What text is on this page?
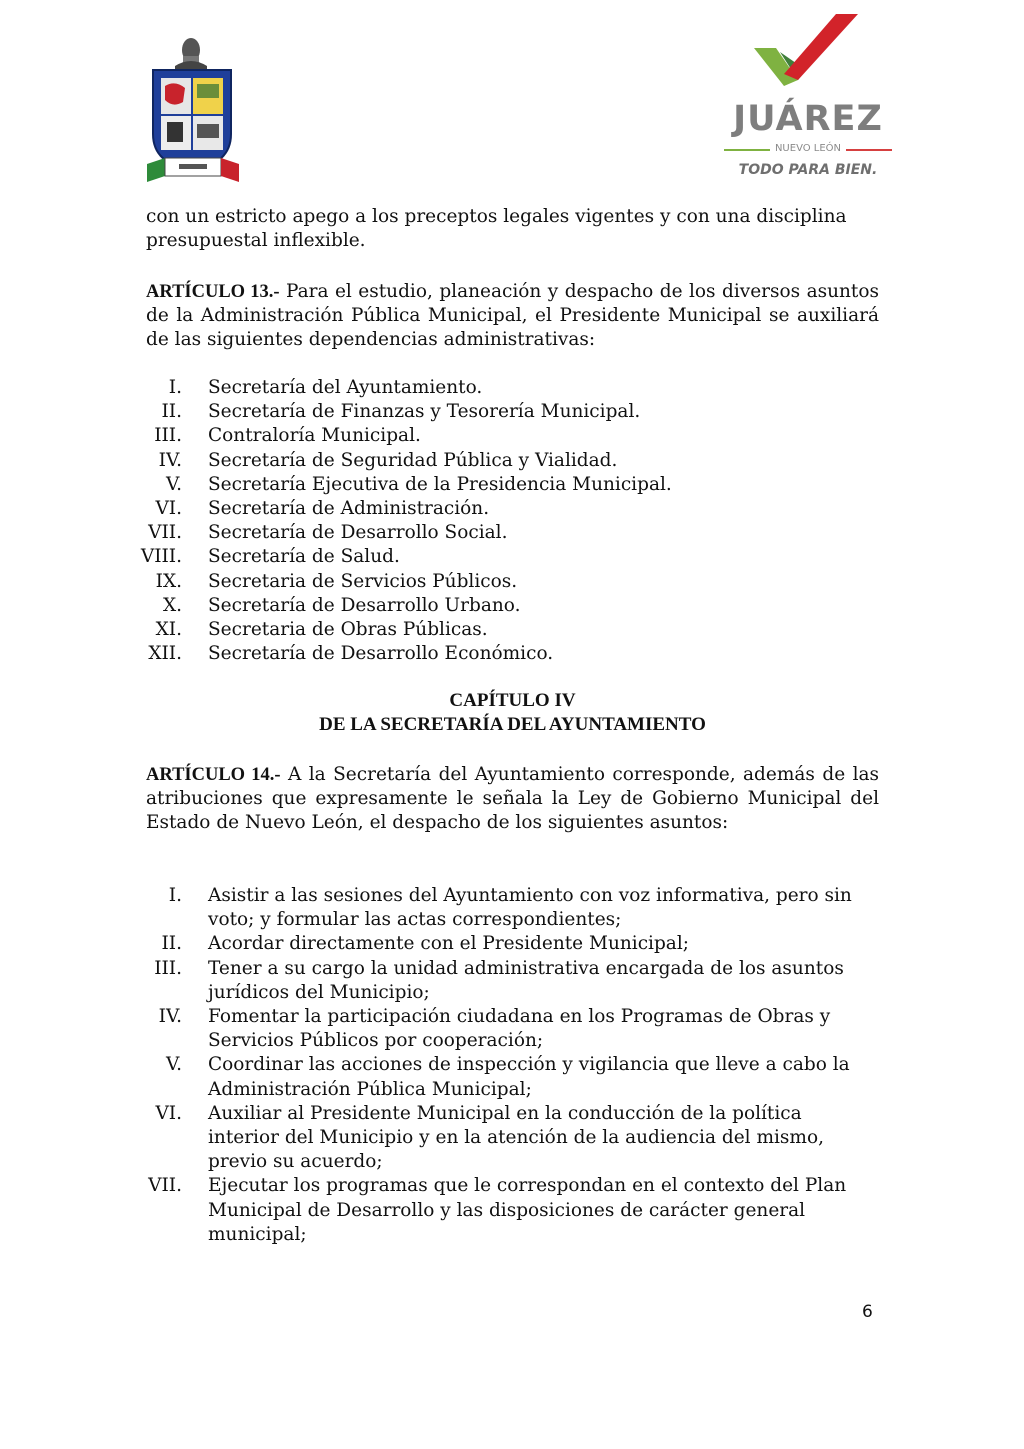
JUÁREZ
NUEVO LEÓN
TODO PARA BIEN.
con un estricto apego a los preceptos legales vigentes y con una disciplina presupuestal inflexible.
ARTÍCULO 13.- Para el estudio, planeación y despacho de los diversos asuntos de la Administración Pública Municipal, el Presidente Municipal se auxiliará de las siguientes dependencias administrativas:
I.	Secretaría del Ayuntamiento.
II.	Secretaría de Finanzas y Tesorería Municipal.
III.	Contraloría Municipal.
IV.	Secretaría de Seguridad Pública y Vialidad.
V.	Secretaría Ejecutiva de la Presidencia Municipal.
VI.	Secretaría de Administración.
VII.	Secretaría de Desarrollo Social.
VIII.	Secretaría de Salud.
IX.	Secretaria de Servicios Públicos.
X.	Secretaría de Desarrollo Urbano.
XI.	Secretaria de Obras Públicas.
XII.	Secretaría de Desarrollo Económico.
CAPÍTULO IV
DE LA SECRETARÍA DEL AYUNTAMIENTO
ARTÍCULO 14.- A la Secretaría del Ayuntamiento corresponde, además de las atribuciones que expresamente le señala la Ley de Gobierno Municipal del Estado de Nuevo León, el despacho de los siguientes asuntos:
I.	Asistir a las sesiones del Ayuntamiento con voz informativa, pero sin voto; y formular las actas correspondientes;
II.	Acordar directamente con el Presidente Municipal;
III.	Tener a su cargo la unidad administrativa encargada de los asuntos jurídicos del Municipio;
IV.	Fomentar la participación ciudadana en los Programas de Obras y Servicios Públicos por cooperación;
V.	Coordinar las acciones de inspección y vigilancia que lleve a cabo la Administración Pública Municipal;
VI.	Auxiliar al Presidente Municipal en la conducción de la política interior del Municipio y en la atención de la audiencia del mismo, previo su acuerdo;
VII.	Ejecutar los programas que le correspondan en el contexto del Plan Municipal de Desarrollo y las disposiciones de carácter general municipal;
6
